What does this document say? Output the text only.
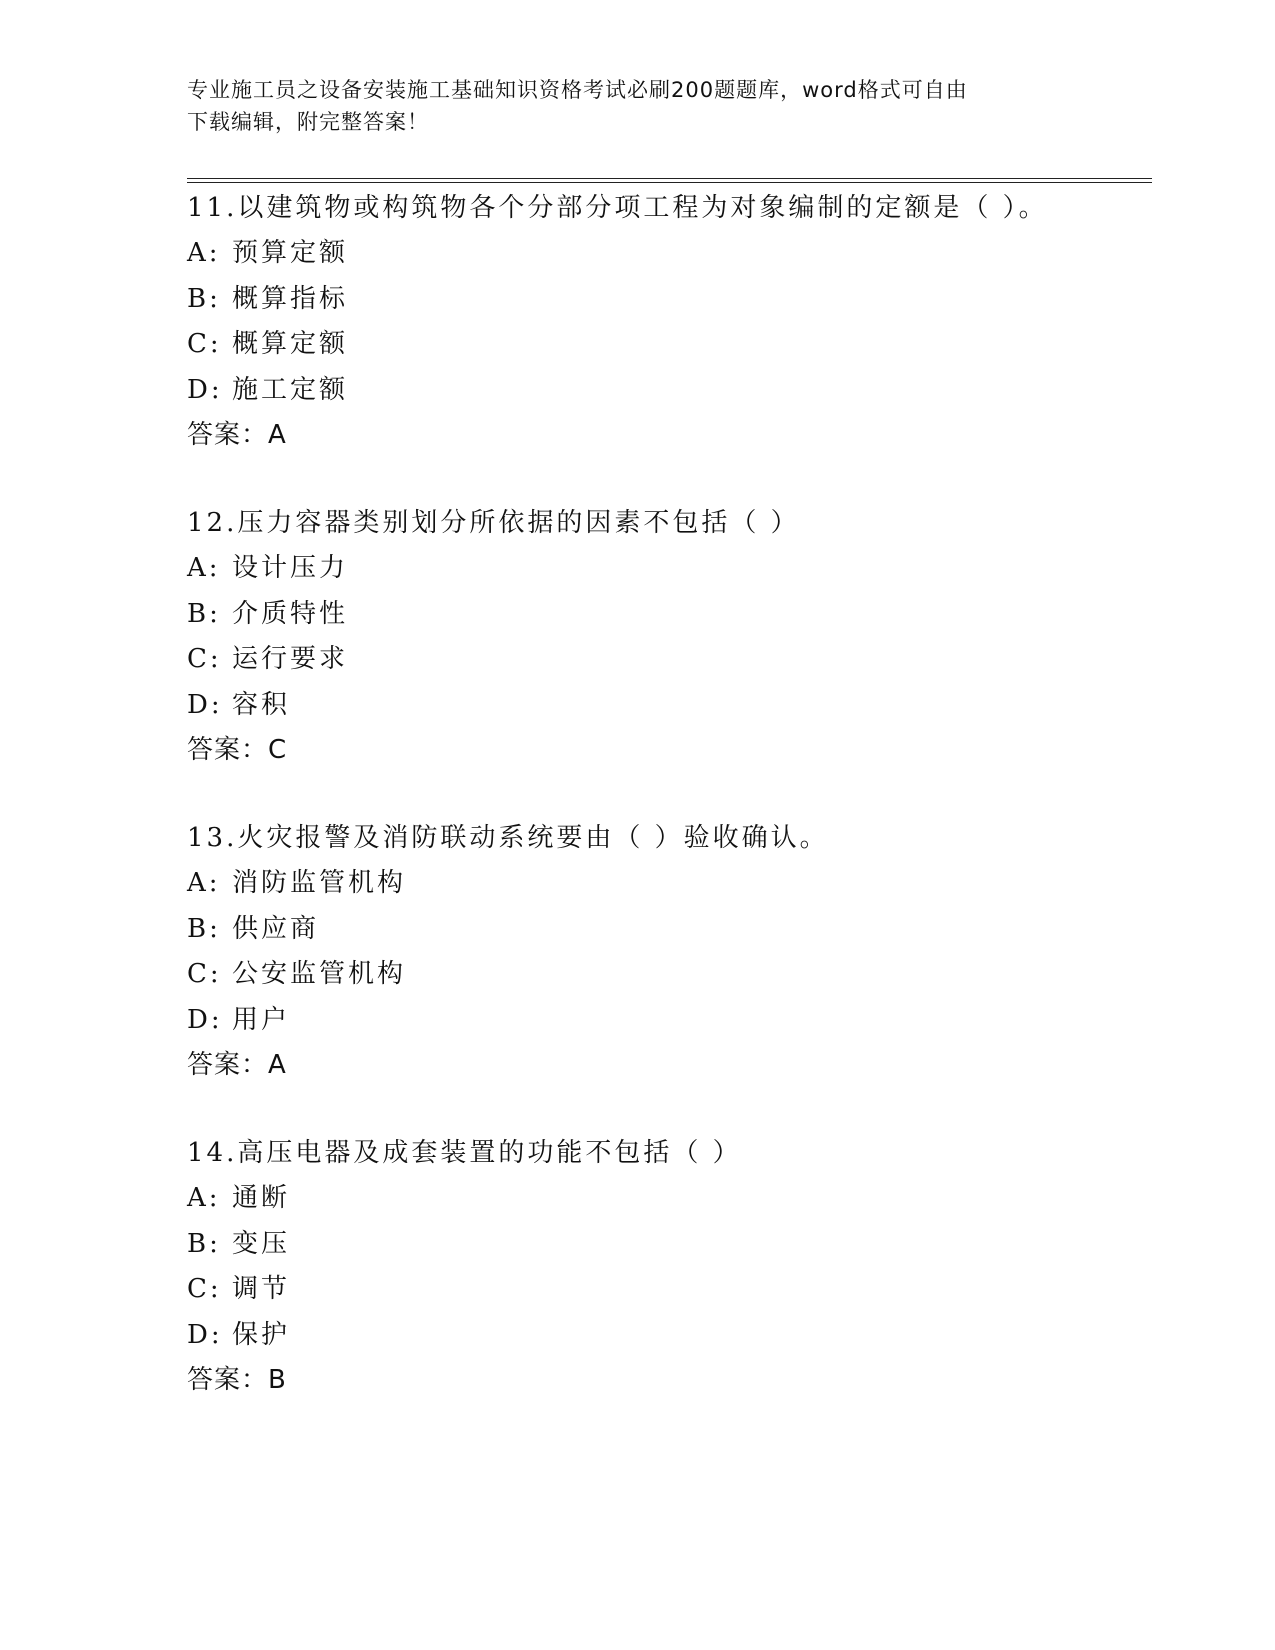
专业施工员之设备安装施工基础知识资格考试必刷200题题库，word格式可自由
下载编辑，附完整答案！
11.以建筑物或构筑物各个分部分项工程为对象编制的定额是（ ）。
A: 预算定额
B: 概算指标
C: 概算定额
D: 施工定额
答案：A
12.压力容器类别划分所依据的因素不包括（ ）
A: 设计压力
B: 介质特性
C: 运行要求
D: 容积
答案：C
13.火灾报警及消防联动系统要由（ ）验收确认。
A: 消防监管机构
B: 供应商
C: 公安监管机构
D: 用户
答案：A
14.高压电器及成套装置的功能不包括（ ）
A: 通断
B: 变压
C: 调节
D: 保护
答案：B
